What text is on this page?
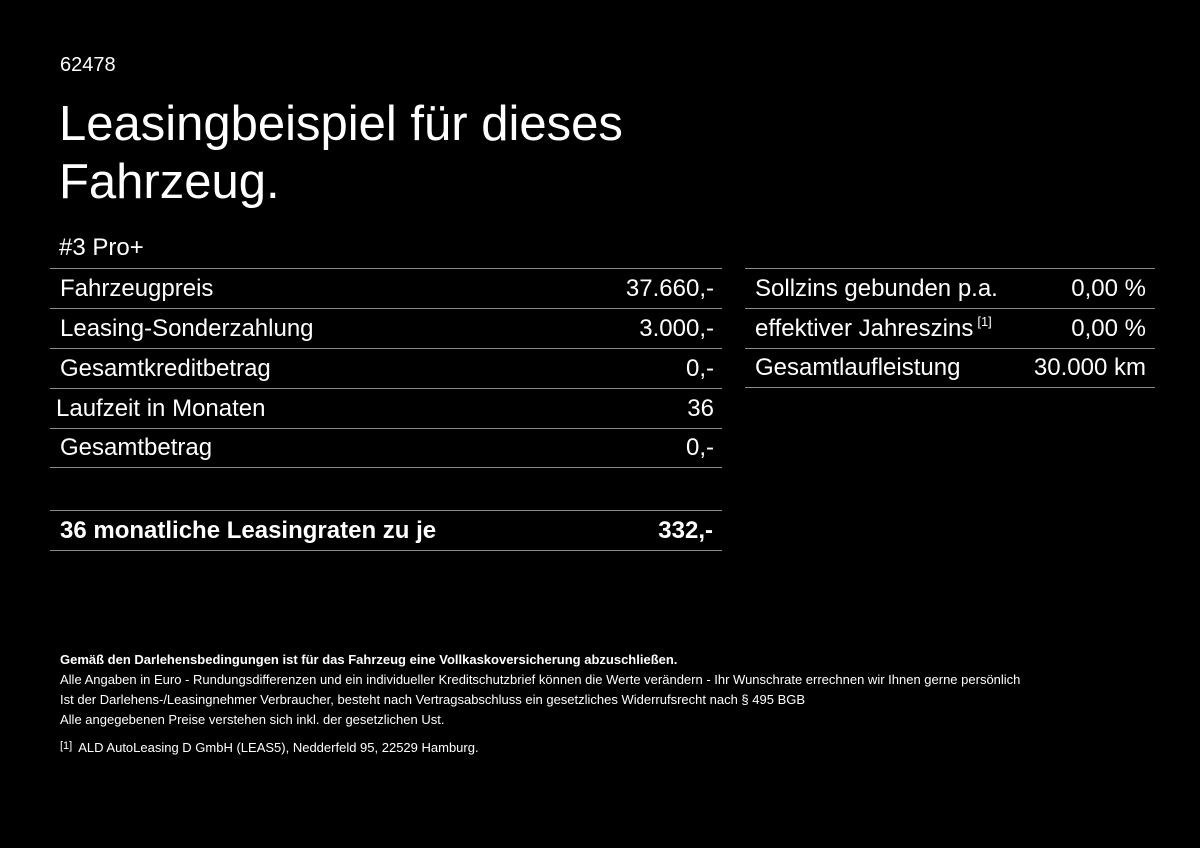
62478
Leasingbeispiel für dieses
Fahrzeug.
#3 Pro+
Fahrzeugpreis	37.660,-
Leasing-Sonderzahlung	3.000,-
Gesamtkreditbetrag	0,-
Laufzeit in Monaten	36
Gesamtbetrag	0,-
36 monatliche Leasingraten zu je	332,-
Sollzins gebunden p.a.	0,00 %
effektiver Jahreszins [1]	0,00 %
Gesamtlaufleistung	30.000 km
Gemäß den Darlehensbedingungen ist für das Fahrzeug eine Vollkaskoversicherung abzuschließen.
Alle Angaben in Euro - Rundungsdifferenzen und ein individueller Kreditschutzbrief können die Werte verändern - Ihr Wunschrate errechnen wir Ihnen gerne persönlich
Ist der Darlehens-/Leasingnehmer Verbraucher, besteht nach Vertragsabschluss ein gesetzliches Widerrufsrecht nach § 495 BGB
Alle angegebenen Preise verstehen sich inkl. der gesetzlichen Ust.
[1] ALD AutoLeasing D GmbH (LEAS5), Nedderfeld 95, 22529 Hamburg.
